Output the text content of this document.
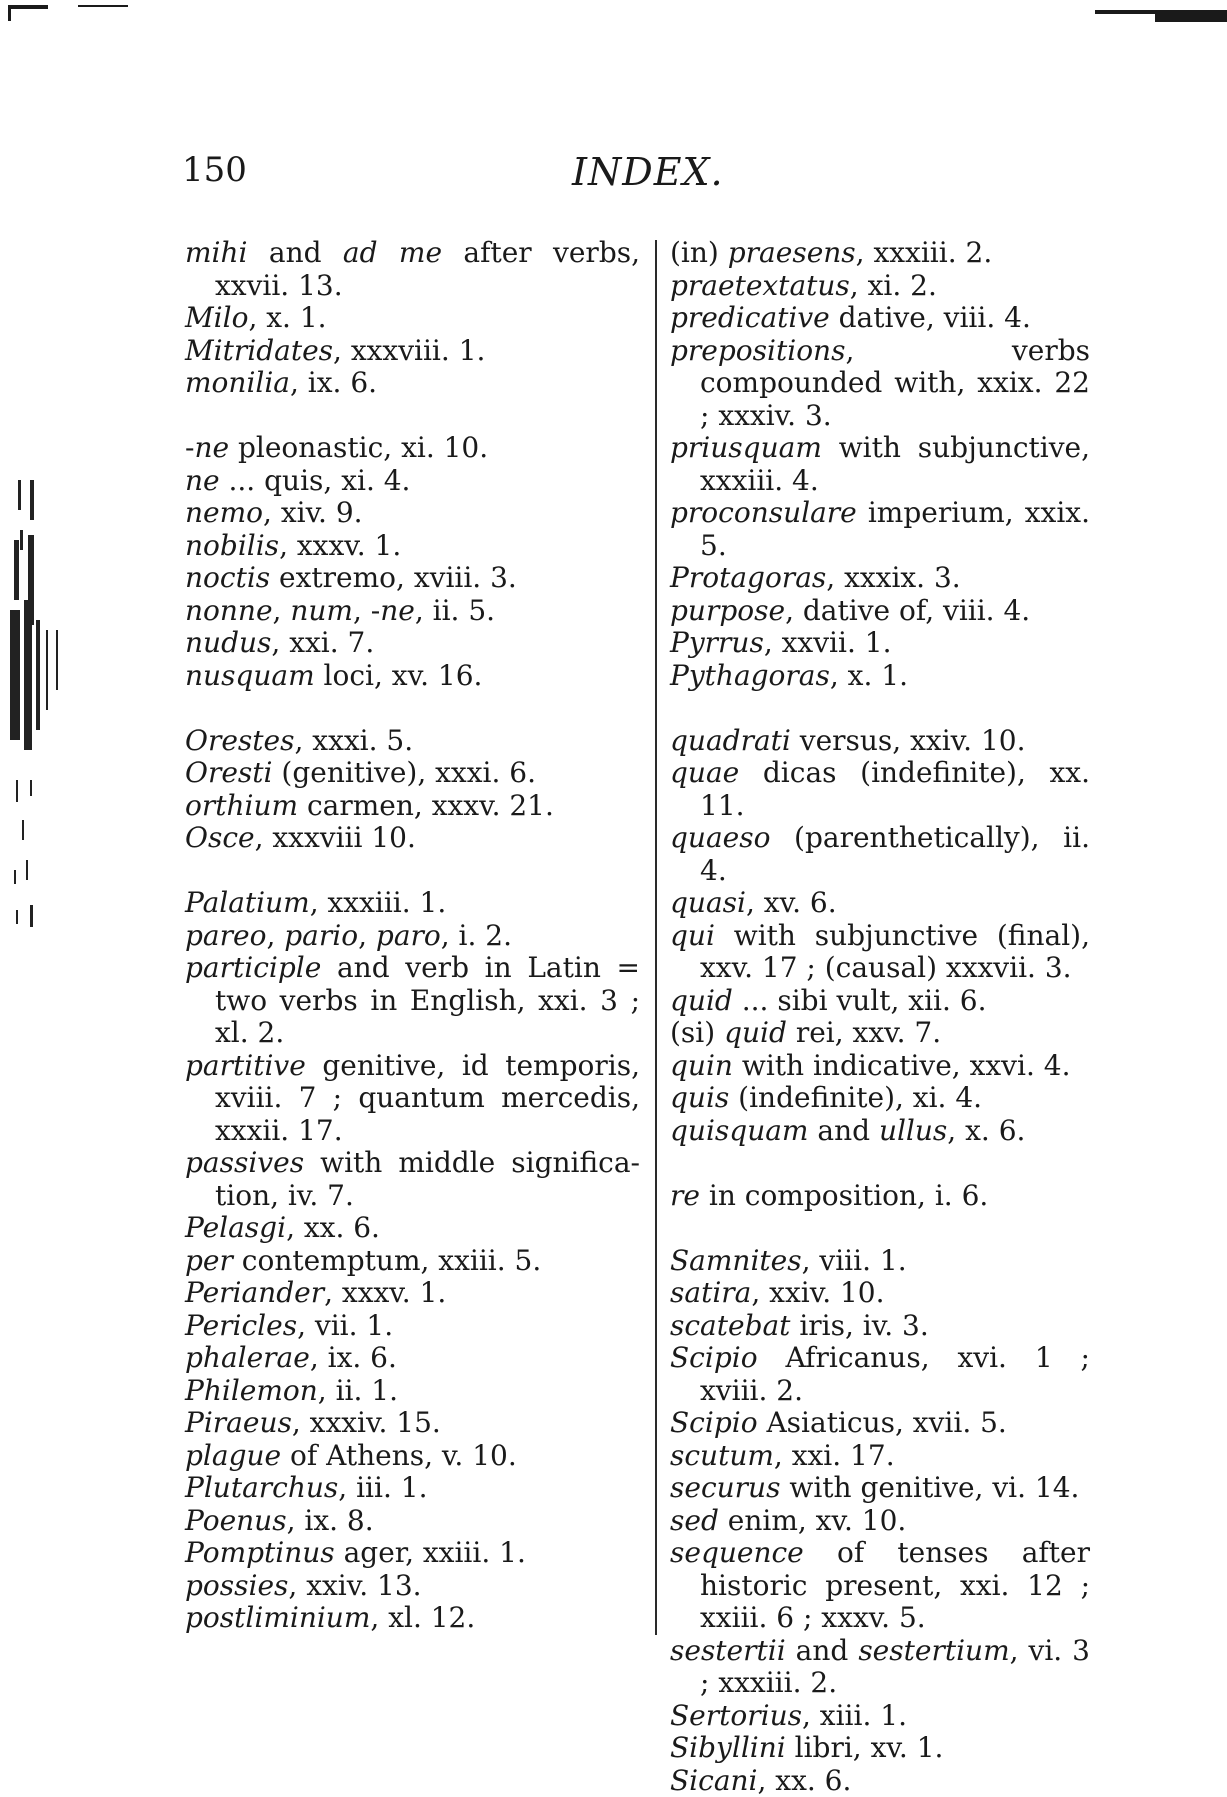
150	INDEX.
mihi and ad me after verbs, xxvii. 13.
Milo, x. 1.
Mitridates, xxxviii. 1.
monilia, ix. 6.
-ne pleonastic, xi. 10.
ne ... quis, xi. 4.
nemo, xiv. 9.
nobilis, xxxv. 1.
noctis extremo, xviii. 3.
nonne, num, -ne, ii. 5.
nudus, xxi. 7.
nusquam loci, xv. 16.
Orestes, xxxi. 5.
Oresti (genitive), xxxi. 6.
orthium carmen, xxxv. 21.
Osce, xxxviii 10.
Palatium, xxxiii. 1.
pareo, pario, paro, i. 2.
participle and verb in Latin = two verbs in English, xxi. 3 ; xl. 2.
partitive genitive, id temporis, xviii. 7 ; quantum mercedis, xxxii. 17.
passives with middle significa-tion, iv. 7.
Pelasgi, xx. 6.
per contemptum, xxiii. 5.
Periander, xxxv. 1.
Pericles, vii. 1.
phalerae, ix. 6.
Philemon, ii. 1.
Piraeus, xxxiv. 15.
plague of Athens, v. 10.
Plutarchus, iii. 1.
Poenus, ix. 8.
Pomptinus ager, xxiii. 1.
possies, xxiv. 13.
postliminium, xl. 12.
(in) praesens, xxxiii. 2.
praetextatus, xi. 2.
predicative dative, viii. 4.
prepositions, verbs compounded with, xxix. 22 ; xxxiv. 3.
priusquam with subjunctive, xxxiii. 4.
proconsulare imperium, xxix. 5.
Protagoras, xxxix. 3.
purpose, dative of, viii. 4.
Pyrrus, xxvii. 1.
Pythagoras, x. 1.
quadrati versus, xxiv. 10.
quae dicas (indefinite), xx. 11.
quaeso (parenthetically), ii. 4.
quasi, xv. 6.
qui with subjunctive (final), xxv. 17 ; (causal) xxxvii. 3.
quid ... sibi vult, xii. 6.
(si) quid rei, xxv. 7.
quin with indicative, xxvi. 4.
quis (indefinite), xi. 4.
quisquam and ullus, x. 6.
re in composition, i. 6.
Samnites, viii. 1.
satira, xxiv. 10.
scatebat iris, iv. 3.
Scipio Africanus, xvi. 1 ; xviii. 2.
Scipio Asiaticus, xvii. 5.
scutum, xxi. 17.
securus with genitive, vi. 14.
sed enim, xv. 10.
sequence of tenses after historic present, xxi. 12 ; xxiii. 6 ; xxxv. 5.
sestertii and sestertium, vi. 3 ; xxxiii. 2.
Sertorius, xiii. 1.
Sibyllini libri, xv. 1.
Sicani, xx. 6.
